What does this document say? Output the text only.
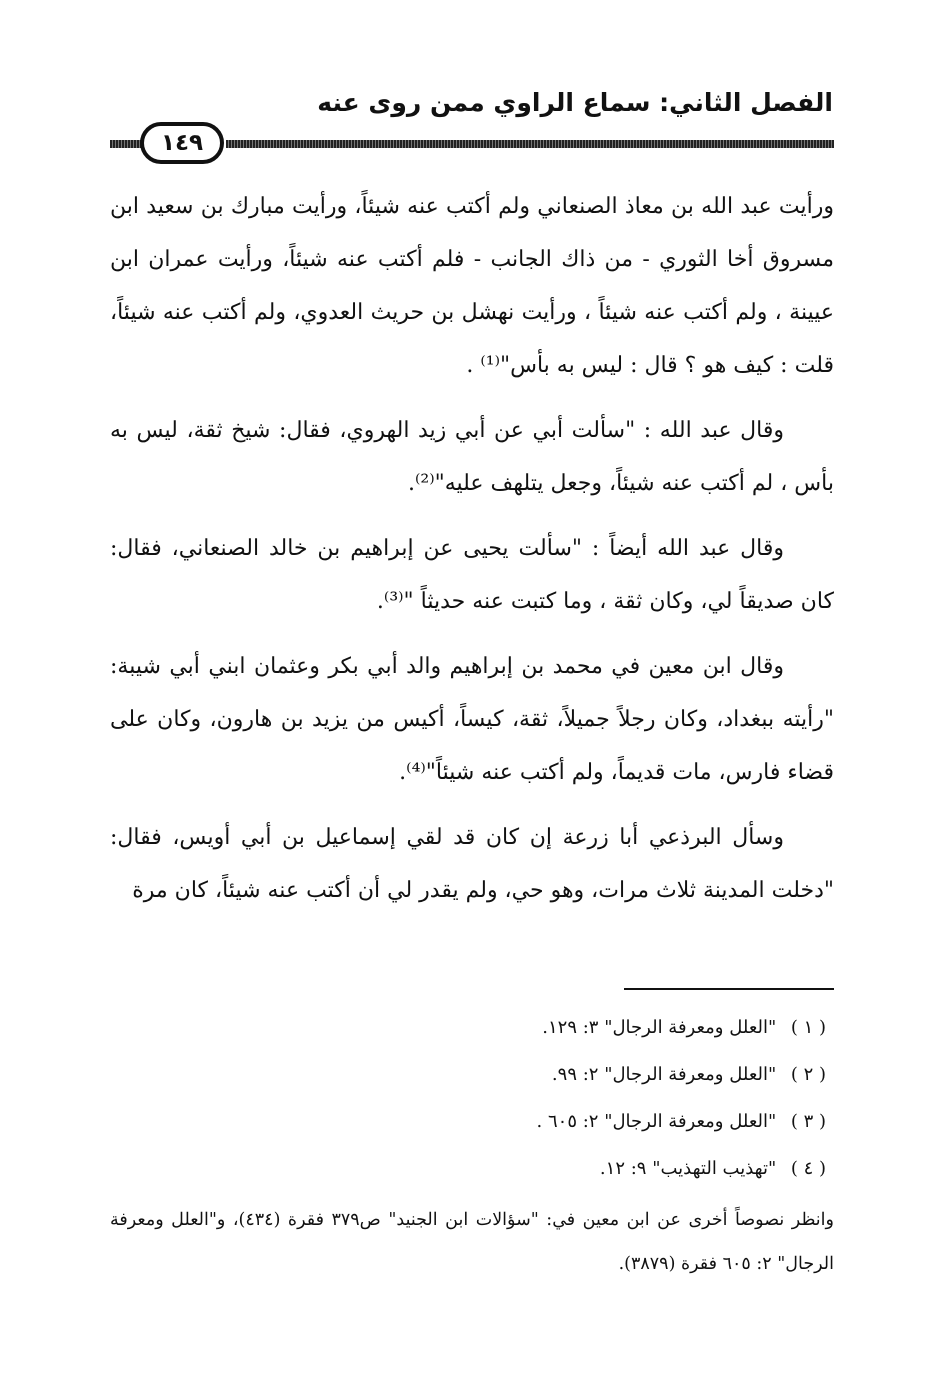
الفصل الثاني: سماع الراوي ممن روى عنه
١٤٩

ورأيت عبد الله بن معاذ الصنعاني ولم أكتب عنه شيئاً، ورأيت مبارك بن سعيد ابن مسروق أخا الثوري - من ذاك الجانب - فلم أكتب عنه شيئاً، ورأيت عمران ابن عيينة ، ولم أكتب عنه شيئاً ، ورأيت نهشل بن حريث العدوي، ولم أكتب عنه شيئاً، قلت : كيف هو ؟ قال : ليس به بأس"⁽¹⁾ .

وقال عبد الله : "سألت أبي عن أبي زيد الهروي، فقال: شيخ ثقة، ليس به بأس ، لم أكتب عنه شيئاً، وجعل يتلهف عليه"⁽²⁾.

وقال عبد الله أيضاً : "سألت يحيى عن إبراهيم بن خالد الصنعاني، فقال: كان صديقاً لي، وكان ثقة ، وما كتبت عنه حديثاً "⁽³⁾.

وقال ابن معين في محمد بن إبراهيم والد أبي بكر وعثمان ابني أبي شيبة: "رأيته ببغداد، وكان رجلاً جميلاً، ثقة، كيساً، أكيس من يزيد بن هارون، وكان على قضاء فارس، مات قديماً، ولم أكتب عنه شيئاً"⁽⁴⁾.

وسأل البرذعي أبا زرعة إن كان قد لقي إسماعيل بن أبي أويس، فقال: "دخلت المدينة ثلاث مرات، وهو حي، ولم يقدر لي أن أكتب عنه شيئاً، كان مرة

( ١ ) "العلل ومعرفة الرجال" ٣: ١٢٩.
( ٢ ) "العلل ومعرفة الرجال" ٢: ٩٩.
( ٣ ) "العلل ومعرفة الرجال" ٢: ٦٠٥ .
( ٤ ) "تهذيب التهذيب" ٩: ١٢.
وانظر نصوصاً أخرى عن ابن معين في: "سؤالات ابن الجنيد" ص٣٧٩ فقرة (٤٣٤)، و"العلل ومعرفة الرجال" ٢: ٦٠٥ فقرة (٣٨٧٩).
